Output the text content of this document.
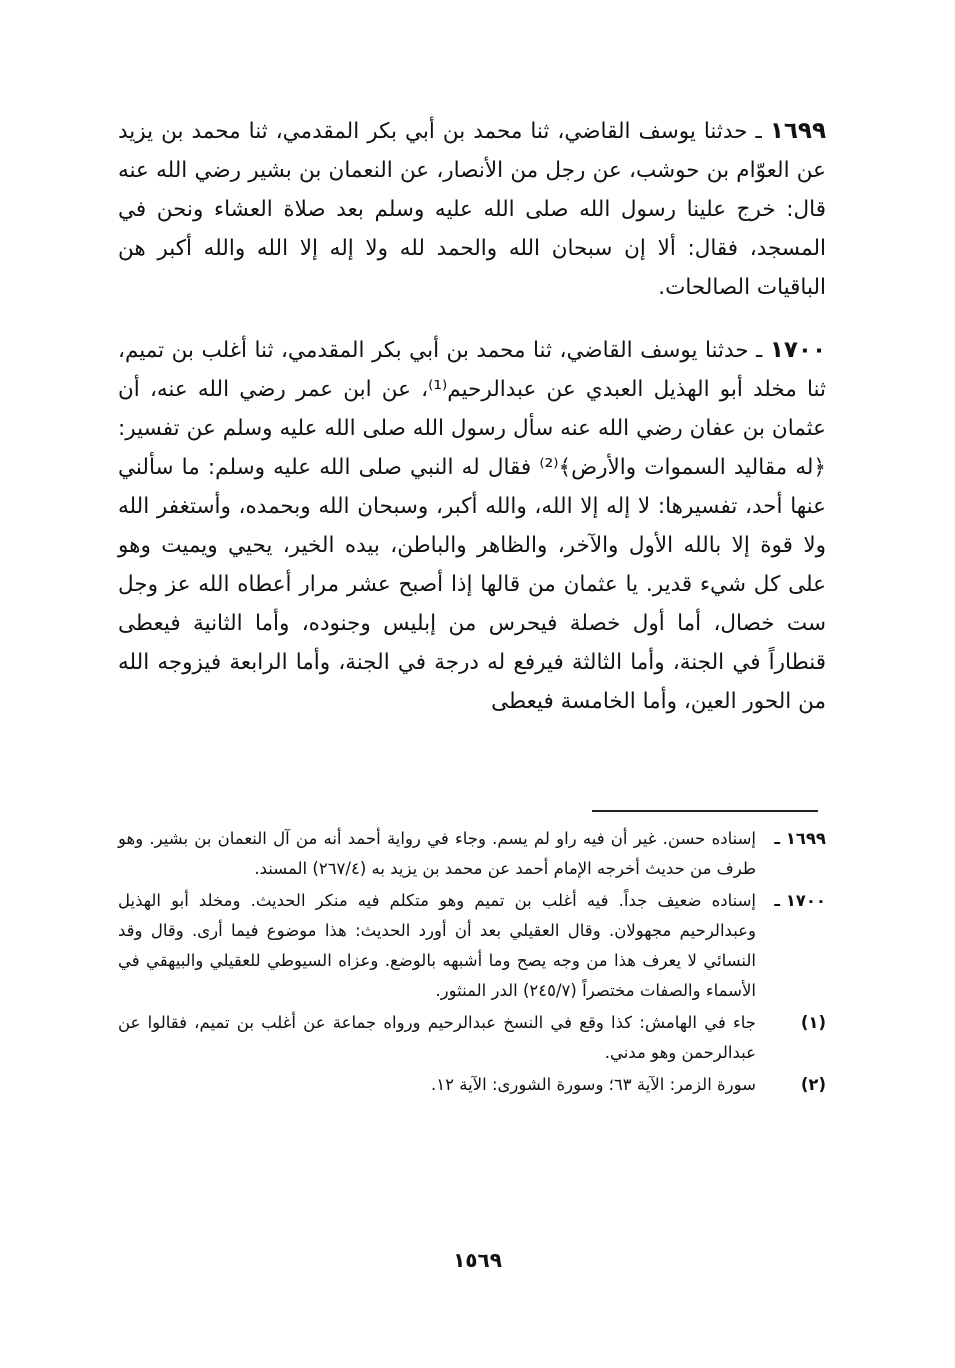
١٦٩٩ ـ حدثنا يوسف القاضي، ثنا محمد بن أبي بكر المقدمي، ثنا محمد بن يزيد عن العوّام بن حوشب، عن رجل من الأنصار، عن النعمان بن بشير رضي الله عنه قال: خرج علينا رسول الله صلى الله عليه وسلم بعد صلاة العشاء ونحن في المسجد، فقال: ألا إن سبحان الله والحمد لله ولا إله إلا الله والله أكبر هن الباقيات الصالحات.

١٧٠٠ ـ حدثنا يوسف القاضي، ثنا محمد بن أبي بكر المقدمي، ثنا أغلب بن تميم، ثنا مخلد أبو الهذيل العبدي عن عبدالرحيم⁽¹⁾، عن ابن عمر رضي الله عنه، أن عثمان بن عفان رضي الله عنه سأل رسول الله صلى الله عليه وسلم عن تفسير: ﴿له مقاليد السموات والأرض﴾⁽²⁾ فقال له النبي صلى الله عليه وسلم: ما سألني عنها أحد، تفسيرها: لا إله إلا الله، والله أكبر، وسبحان الله وبحمده، وأستغفر الله ولا قوة إلا بالله الأول والآخر، والظاهر والباطن، بيده الخير، يحيي ويميت وهو على كل شيء قدير. يا عثمان من قالها إذا أصبح عشر مرار أعطاه الله عز وجل ست خصال، أما أول خصلة فيحرس من إبليس وجنوده، وأما الثانية فيعطى قنطاراً في الجنة، وأما الثالثة فيرفع له درجة في الجنة، وأما الرابعة فيزوجه الله من الحور العين، وأما الخامسة فيعطى

١٦٩٩ ـ
إسناده حسن. غير أن فيه راو لم يسم. وجاء في رواية أحمد أنه من آل النعمان بن بشير. وهو طرف من حديث أخرجه الإمام أحمد عن محمد بن يزيد به (٢٦٧/٤) المسند.
١٧٠٠ ـ
إسناده ضعيف جداً. فيه أغلب بن تميم وهو متكلم فيه منكر الحديث. ومخلد أبو الهذيل وعبدالرحيم مجهولان. وقال العقيلي بعد أن أورد الحديث: هذا موضوع فيما أرى. وقال وقد النسائي لا يعرف هذا من وجه يصح وما أشبهه بالوضع. وعزاه السيوطي للعقيلي والبيهقي في الأسماء والصفات مختصراً (٢٤٥/٧) الدر المنثور.
(١)
جاء في الهامش: كذا وقع في النسخ عبدالرحيم ورواه جماعة عن أغلب بن تميم، فقالوا عن عبدالرحمن وهو مدني.
(٢)
سورة الزمر: الآية ٦٣؛ وسورة الشورى: الآية ١٢.
١٥٦٩
